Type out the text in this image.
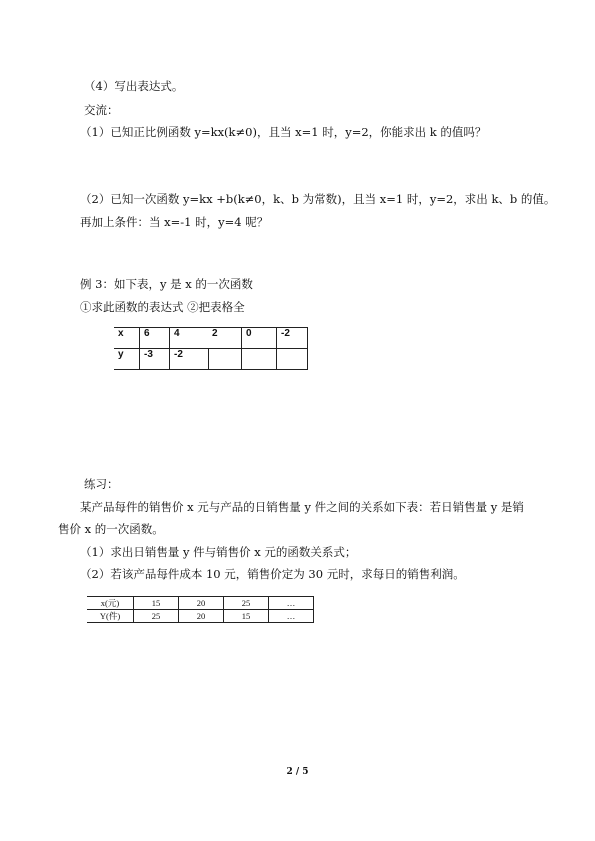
（4）写出表达式。
交流：
（1）已知正比例函数 y=kx(k≠0)，且当 x=1 时，y=2，你能求出 k 的值吗？
（2）已知一次函数 y=kx +b(k≠0，k、b 为常数)，且当 x=1 时，y=2，求出 k、b 的值。
再加上条件：当 x=-1 时，y=4 呢？
例 3：如下表，y 是 x 的一次函数
①求此函数的表达式 ②把表格全
x	6	4	2	0	-2
y	-3	-2			
练习：
某产品每件的销售价 x 元与产品的日销售量 y 件之间的关系如下表：若日销售量 y 是销
售价 x 的一次函数。
（1）求出日销售量 y 件与销售价 x 元的函数关系式；
（2）若该产品每件成本 10 元，销售价定为 30 元时，求每日的销售利润。
x(元)	15	20	25	…
Y(件)	25	20	15	…
2 / 5
